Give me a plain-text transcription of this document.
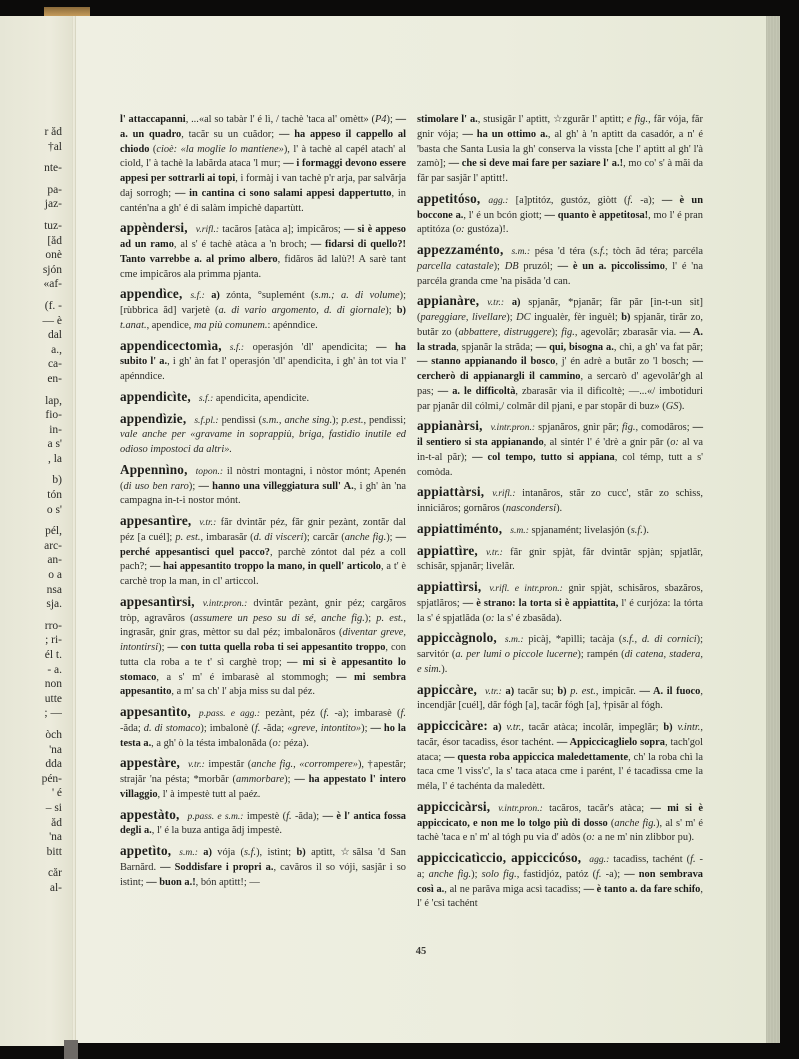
r ăd
†al
nte-
pa-
jaz-
tuz-
[ăd
onè
sjón
«af-
(f. -
— è
dal
a.,
ca-
en-
lap,
fio-
in-
a s'
, la
b)
tón
o s'
pél,
arc-
an-
o a
nsa
sja.
rro-
; ri-
él t.
- a.
non
utte
; —
òch
'na
dda
pén-
' é
– si
ăd
'na
bitt
căr
al-
l' attaccapanni, ...«al so tabàr l' é lì, / tachè 'taca al' omètt» (P4); — a. un quadro, tacăr su un cuădor; — ha appeso il cappello al chiodo (cioè: «la moglie lo mantiene»), l' à tachè al capél atach' al ciold, l' à tachè la labărda ataca 'l mur; — i formaggi devono essere appesi per sottrarli ai topi, i formàj i van tachè p'r arja, par salvărja daj sorrogh; — in cantina ci sono salami appesi dappertutto, in cantén'na a gh' é di salàm impichè dapartùtt.
appèndersi, v.rifl.: tacăros [atàca a]; impicăros; — si è appeso ad un ramo, al s' é tachè atàca a 'n broch; — fidarsi di quello?! Tanto varrebbe a. al primo albero, fidăros ăd lalù?! A sarè tant cme impicăros ala primma pjanta.
appendìce, s.f.: a) zónta, °suplemént (s.m.; a. di volume); [rùbbrica ăd] varjetè (a. di vario argomento, d. di giornale); b) t.anat., apendìce, ma più comunem.: apénndice.
appendicectomìa, s.f.: operasjón 'dl' apendicìta; — ha subito l' a., i gh' àn fat l' operasjón 'dl' apendicìta, i gh' àn tot via l' apénndice.
appendicìte, s.f.: apendicìta, apendicìte.
appendìzie, s.f.pl.: pendìssi (s.m., anche sing.); p.est., pendìssi; vale anche per «gravame in soprappiù, briga, fastidio inutile ed odioso impostoci da altri».
Appennìno, topon.: il nòstri montagni, i nòstor mónt; Apenén (di uso ben raro); — hanno una villeggiatura sull' A., i gh' àn 'na campagna in-t-i nostor mónt.
appesantìre, v.tr.: făr dvintăr péz, făr gnir pezànt, zontăr dal péz [a cuél]; p. est., imbarasăr (d. di visceri); carcăr (anche fig.); — perché appesantisci quel pacco?, parchè zóntot dal péz a coll pach?; — hai appesantito troppo la mano, in quell' articolo, a t' è carchè trop la man, in cl' articcol.
appesantìrsi, v.intr.pron.: dvintăr pezànt, gnir péz; cargăros tròp, agravăros (assumere un peso su di sé, anche fig.); p. est., ingrasăr, gnir gras, mèttor su dal péz; imbalonăros (diventar greve, intontirsi); — con tutta quella roba ti sei appesantito troppo, con tutta cla roba a te t' sì carghè trop; — mi si è appesantito lo stomaco, a s' m' é imbarasè al stommogh; — mi sembra appesantito, a m' sa ch' l' abja miss su dal péz.
appesantìto, p.pass. e agg.: pezànt, péz (f. -a); imbarasè (f. -ăda; d. di stomaco); imbalonè (f. -ăda; «greve, intontito»); — ho la testa a., a gh' ò la tésta imbalonăda (o: péza).
appestàre, v.tr.: impestăr (anche fig., «corrompere»), †apestăr; strajăr 'na pésta; *morbăr (ammorbare); — ha appestato l' intero villaggio, l' à impestè tutt al paéz.
appestàto, p.pass. e s.m.: impestè (f. -ăda); — è l' antica fossa degli a., l' é la buza antiga ădj impestè.
appetìto, s.m.: a) vója (s.f.), istìnt; b) aptìtt, ☆sălsa 'd San Barnărd. — Soddisfare i propri a., cavăros il so vóji, sasjăr i so istìnt; — buon a.!, bón aptìtt!; —
stimolare l' a., stusigăr l' aptìtt, ☆zgurăr l' aptìtt; e fig., făr vója, făr gnir vója; — ha un ottimo a., al gh' à 'n aptìtt da casadór, a n' é 'basta che Santa Lusìa la gh' conserva la vissta [che l' aptìtt al gh' l'à zamò]; — che si deve mai fare per saziare l' a.!, mo co' s' à măi da făr par sasjăr l' aptìtt!.
appetitóso, agg.: [a]ptitóz, gustóz, giòtt (f. -a); — è un boccone a., l' é un bcón giott; — quanto è appetitosa!, mo l' é pran aptitóza (o: gustóza)!.
appezzaménto, s.m.: pésa 'd téra (s.f.; tòch ăd téra; parcéla parcella catastale); DB pruzól; — è un a. piccolissimo, l' é 'na parcéla granda cme 'na pisăda 'd can.
appianàre, v.tr.: a) spjanăr, *pjanăr; făr păr [in-t-un sit] (pareggiare, livellare); DC ingualèr, fèr inguèl; b) spjanăr, tirăr zo, butăr zo (abbattere, distruggere); fig., agevolăr; zbarasăr via. — A. la strada, spjanăr la străda; — qui, bisogna a., chì, a gh' va fat păr; — stanno appianando il bosco, j' én adrè a butăr zo 'l bosch; — cercherò di appianargli il cammino, a sercarò d' agevolăr'gh al pas; — a. le difficoltà, zbarasăr via il dificoltè; —...«/ imbotiduri par pjanăr dil cólmi,/ colmăr dil pjani, e par stopăr di buz» (GS).
appianàrsi, v.intr.pron.: spjanăros, gnìr păr; fig., comodăros; — il sentiero si sta appianando, al sintér l' é 'drè a gnir păr (o: al va in-t-al păr); — col tempo, tutto si appiana, col témp, tutt a s' comòda.
appiattàrsi, v.rifl.: intanăros, stăr zo cucc', stăr zo schìss, inniciăros; gornăros (nascondersi).
appiattiménto, s.m.: spjanamént; livelasjón (s.f.).
appiattìre, v.tr.: făr gnìr spjàt, făr dvintăr spjàn; spjatlăr, schisăr, spjanăr; livelăr.
appiattìrsi, v.rifl. e intr.pron.: gnìr spjàt, schisăros, sbazăros, spjatlăros; — è strano: la torta si è appiattita, l' é curjóza: la tórta la s' é spjatlăda (o: la s' é zbasăda).
appiccàgnolo, s.m.: picàj, *apìlli; tacàja (s.f., d. di cornici); sarvitór (a. per lumi o piccole lucerne); rampén (di catena, stadera, e sim.).
appiccàre, v.tr.: a) tacăr su; b) p. est., impicăr. — A. il fuoco, incendjăr [cuél], dăr fógh [a], tacăr fógh [a], †pisăr al fógh.
appiccicàre: a) v.tr., tacăr atàca; incolăr, impeglăr; b) v.intr., tacăr, ésor tacadìss, ésor tachént. — Appiccicaglielo sopra, tach'gol ataca; — questa roba appiccica maledettamente, ch' la roba chì la taca cme 'l viss'c', la s' taca ataca cme i parént, l' é tacadìssa cme la méla, l' é tachénta da maledètt.
appiccicàrsi, v.intr.pron.: tacăros, tacăr's atàca; — mi si è appiccicato, e non me lo tolgo più di dosso (anche fig.), al s' m' é tachè 'taca e n' m' al tógh pu via d' adòs (o: a ne m' nin zlibbor pu).
appiccicatìccio, appiccicóso, agg.: tacadìss, tachént (f. -a; anche fig.); solo fig., fastidjóz, patóz (f. -a); — non sembrava così a., al ne parăva miga acsì tacadìss; — è tanto a. da fare schifo, l' é 'csì tachént
45
